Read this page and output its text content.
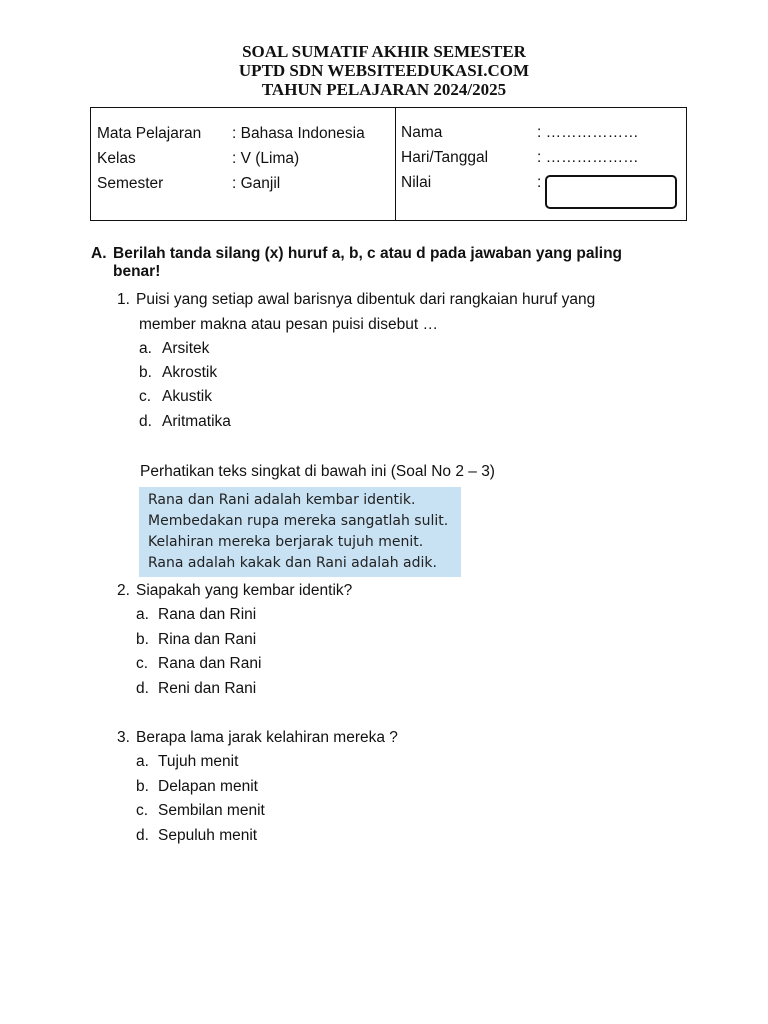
SOAL SUMATIF AKHIR SEMESTER
UPTD SDN WEBSITEEDUKASI.COM
TAHUN PELAJARAN 2024/2025
Mata Pelajaran : Bahasa Indonesia
Kelas	: V (Lima)
Semester	: Ganjil
Nama	: ………………
Hari/Tanggal	: ………………
Nilai	:
A. Berilah tanda silang (x) huruf a, b, c atau d pada jawaban yang paling benar!
1. Puisi yang setiap awal barisnya dibentuk dari rangkaian huruf yang
member makna atau pesan puisi disebut …
a. Arsitek
b. Akrostik
c. Akustik
d. Aritmatika
Perhatikan teks singkat di bawah ini (Soal No 2 – 3)
Rana dan Rani adalah kembar identik.
Membedakan rupa mereka sangatlah sulit.
Kelahiran mereka berjarak tujuh menit.
Rana adalah kakak dan Rani adalah adik.
2. Siapakah yang kembar identik?
a. Rana dan Rini
b. Rina dan Rani
c. Rana dan Rani
d. Reni dan Rani
3. Berapa lama jarak kelahiran mereka ?
a. Tujuh menit
b. Delapan menit
c. Sembilan menit
d. Sepuluh menit
